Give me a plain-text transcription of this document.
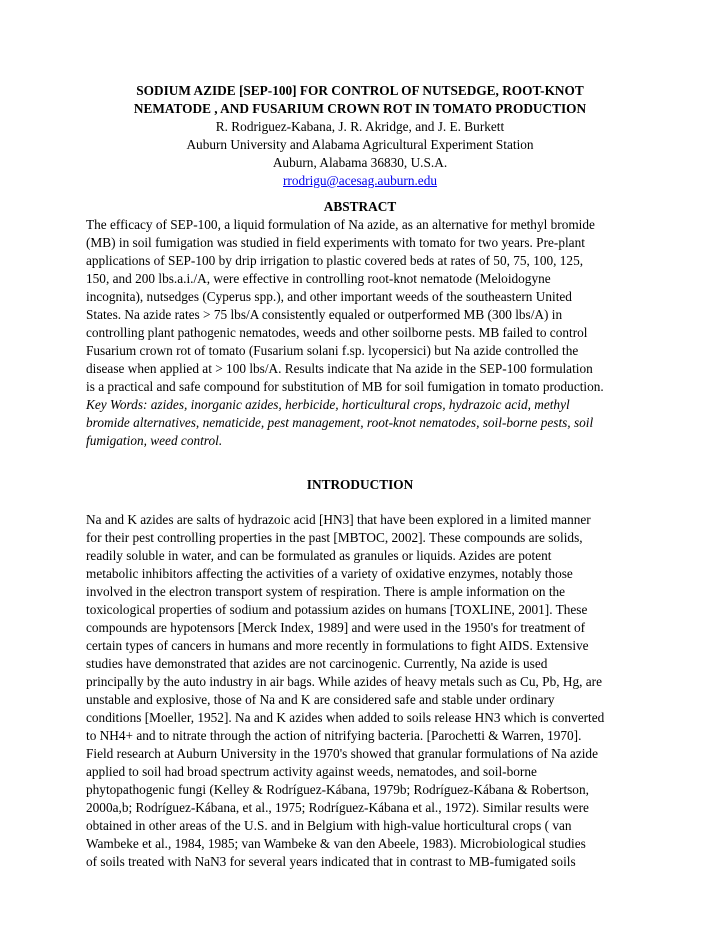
SODIUM AZIDE [SEP-100] FOR CONTROL OF NUTSEDGE, ROOT-KNOT
NEMATODE , AND FUSARIUM CROWN ROT IN TOMATO PRODUCTION
R. Rodriguez-Kabana, J. R. Akridge, and J. E. Burkett
Auburn University and Alabama Agricultural Experiment Station
Auburn, Alabama 36830, U.S.A.
rrodrigu@acesag.auburn.edu
ABSTRACT
The efficacy of SEP-100, a liquid formulation of Na azide, as an alternative for methyl bromide
(MB) in soil fumigation was studied in field experiments with tomato for two years. Pre-plant
applications of SEP-100 by drip irrigation to plastic covered beds at rates of 50, 75, 100, 125,
150, and 200 lbs.a.i./A, were effective in controlling root-knot nematode (Meloidogyne
incognita), nutsedges (Cyperus spp.), and other important weeds of the southeastern United
States. Na azide rates > 75 lbs/A consistently equaled or outperformed MB (300 lbs/A) in
controlling plant pathogenic nematodes, weeds and other soilborne pests. MB failed to control
Fusarium crown rot of tomato (Fusarium solani f.sp. lycopersici) but Na azide controlled the
disease when applied at > 100 lbs/A. Results indicate that Na azide in the SEP-100 formulation
is a practical and safe compound for substitution of MB for soil fumigation in tomato production.
Key Words: azides, inorganic azides, herbicide, horticultural crops, hydrazoic acid, methyl
bromide alternatives, nematicide, pest management, root-knot nematodes, soil-borne pests, soil
fumigation, weed control.
INTRODUCTION
Na and K azides are salts of hydrazoic acid [HN3] that have been explored in a limited manner
for their pest controlling properties in the past [MBTOC, 2002]. These compounds are solids,
readily soluble in water, and can be formulated as granules or liquids. Azides are potent
metabolic inhibitors affecting the activities of a variety of oxidative enzymes, notably those
involved in the electron transport system of respiration. There is ample information on the
toxicological properties of sodium and potassium azides on humans [TOXLINE, 2001]. These
compounds are hypotensors [Merck Index, 1989] and were used in the 1950's for treatment of
certain types of cancers in humans and more recently in formulations to fight AIDS. Extensive
studies have demonstrated that azides are not carcinogenic. Currently, Na azide is used
principally by the auto industry in air bags. While azides of heavy metals such as Cu, Pb, Hg, are
unstable and explosive, those of Na and K are considered safe and stable under ordinary
conditions [Moeller, 1952]. Na and K azides when added to soils release HN3 which is converted
to NH4+ and to nitrate through the action of nitrifying bacteria. [Parochetti & Warren, 1970].
Field research at Auburn University in the 1970's showed that granular formulations of Na azide
applied to soil had broad spectrum activity against weeds, nematodes, and soil-borne
phytopathogenic fungi (Kelley & Rodríguez-Kábana, 1979b; Rodríguez-Kábana & Robertson,
2000a,b; Rodríguez-Kábana, et al., 1975; Rodríguez-Kábana et al., 1972). Similar results were
obtained in other areas of the U.S. and in Belgium with high-value horticultural crops ( van
Wambeke et al., 1984, 1985; van Wambeke & van den Abeele, 1983). Microbiological studies
of soils treated with NaN3 for several years indicated that in contrast to MB-fumigated soils
